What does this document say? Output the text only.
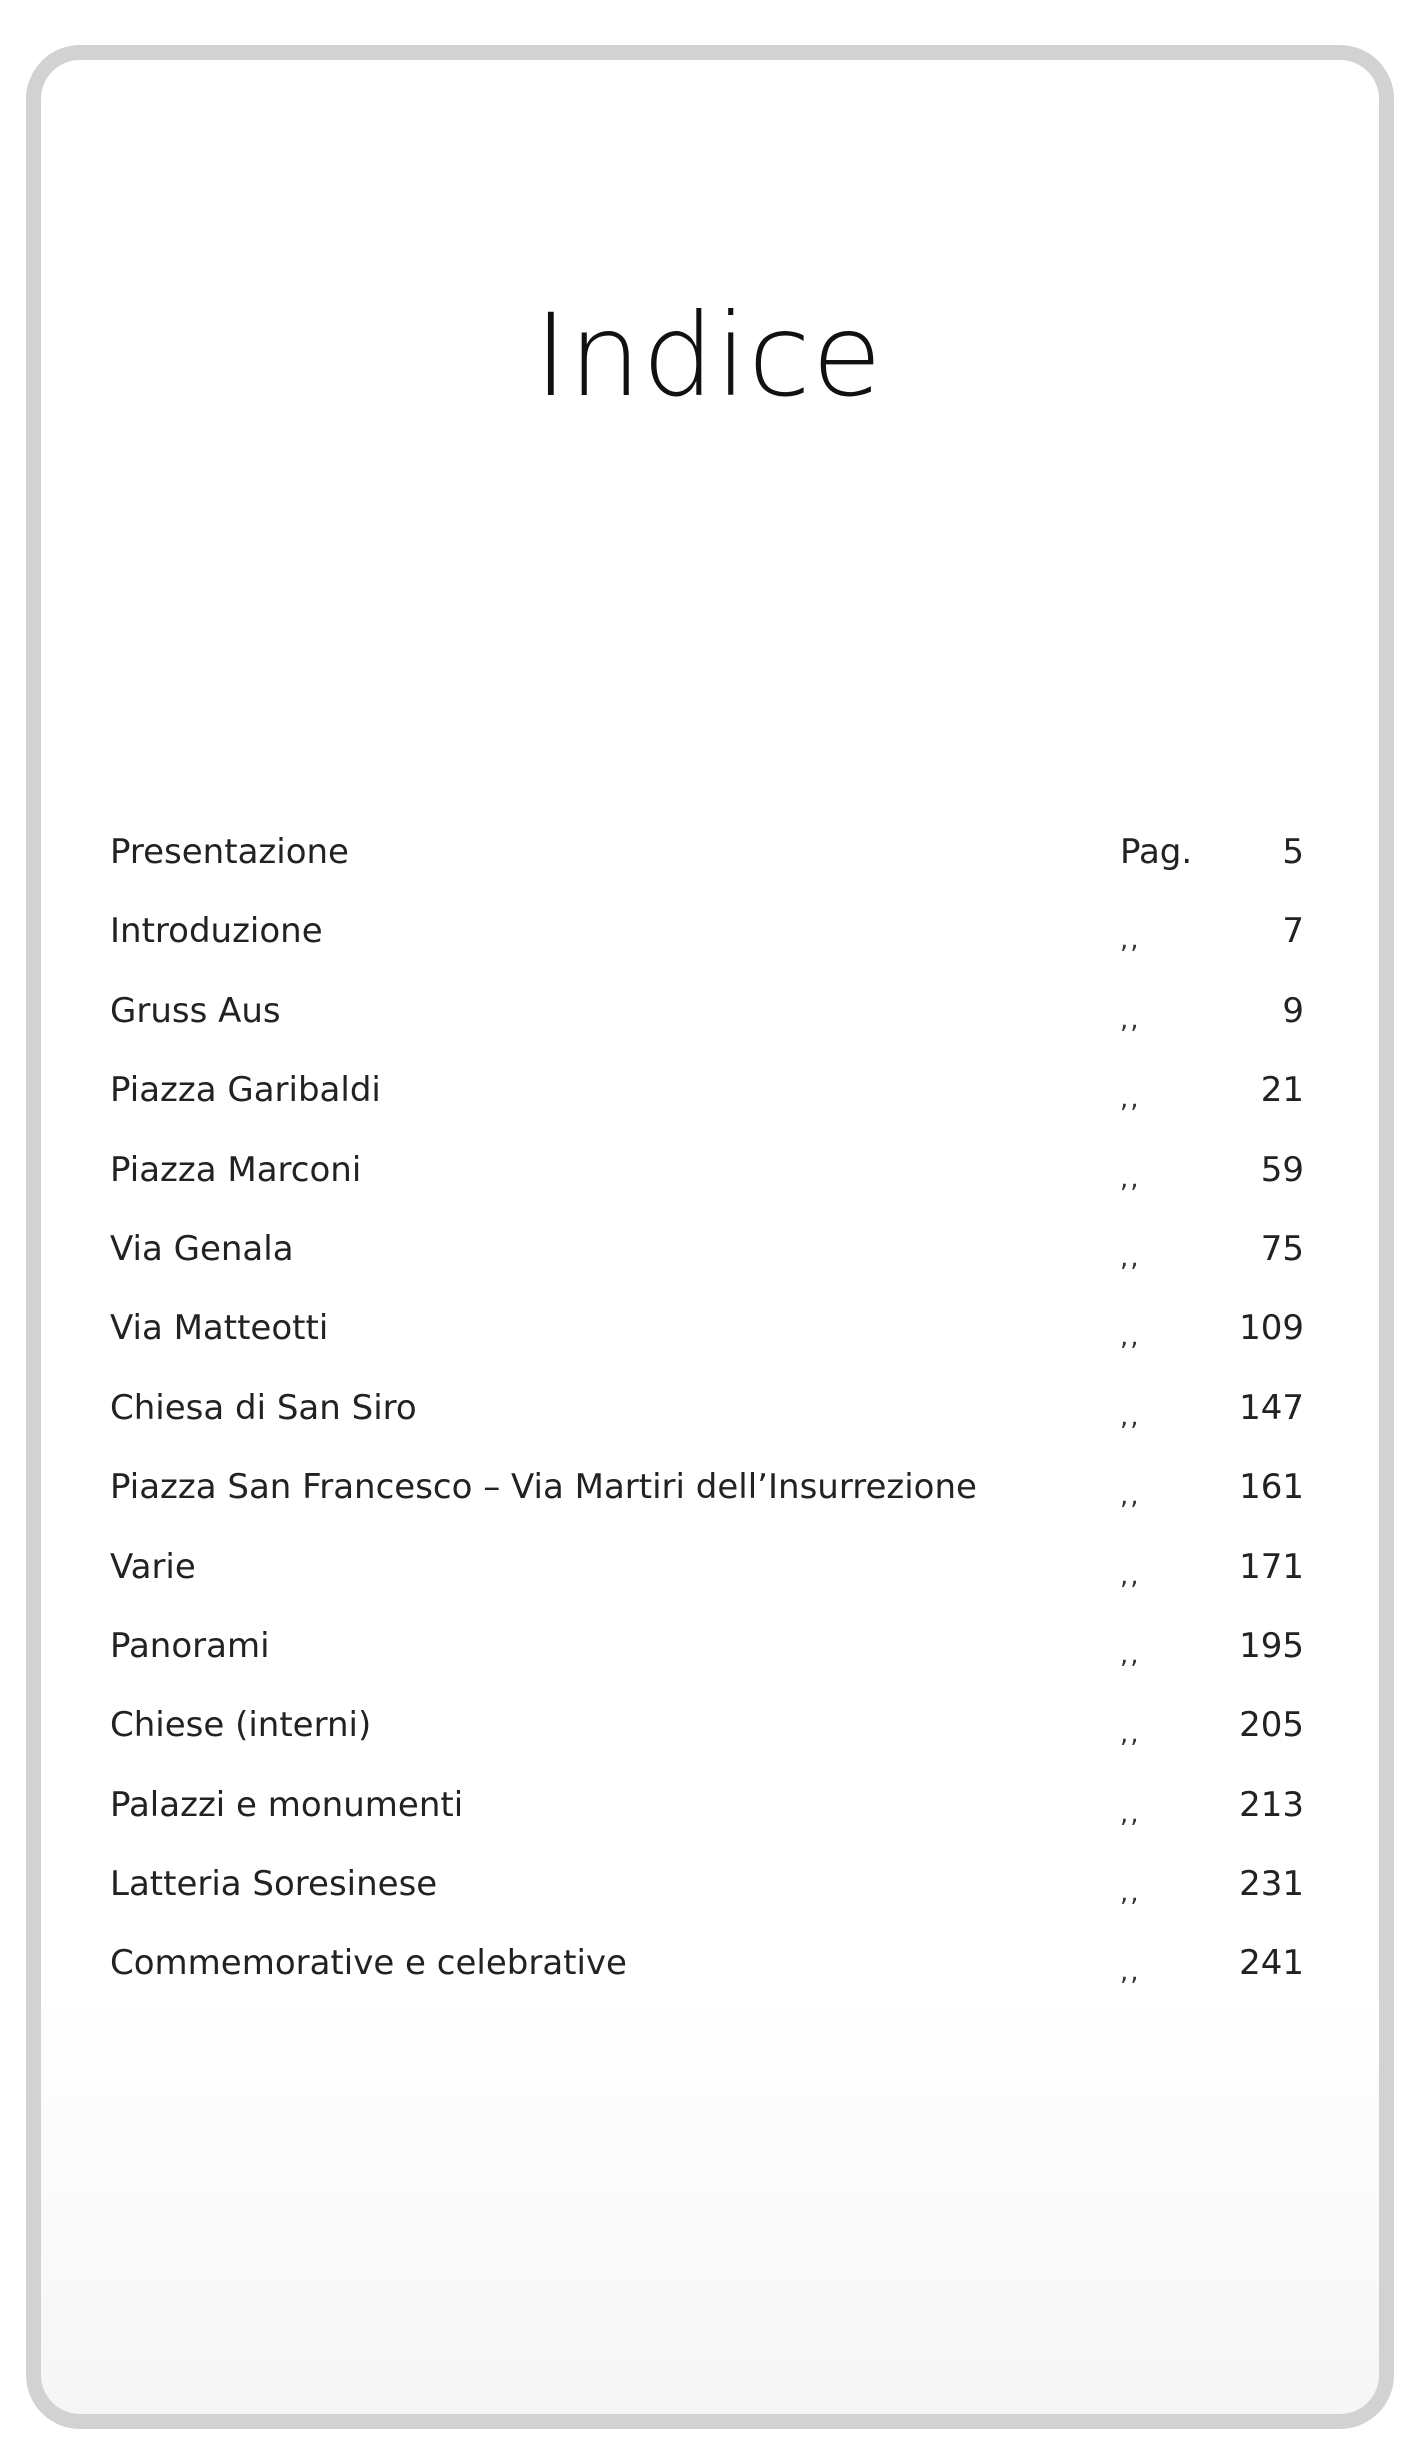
Indice
Presentazione	Pag.	5
Introduzione	,,	7
Gruss Aus	,,	9
Piazza Garibaldi	,,	21
Piazza Marconi	,,	59
Via Genala	,,	75
Via Matteotti	,,	109
Chiesa di San Siro	,,	147
Piazza San Francesco – Via Martiri dell’Insurrezione	,,	161
Varie	,,	171
Panorami	,,	195
Chiese (interni)	,,	205
Palazzi e monumenti	,,	213
Latteria Soresinese	,,	231
Commemorative e celebrative	,,	241
